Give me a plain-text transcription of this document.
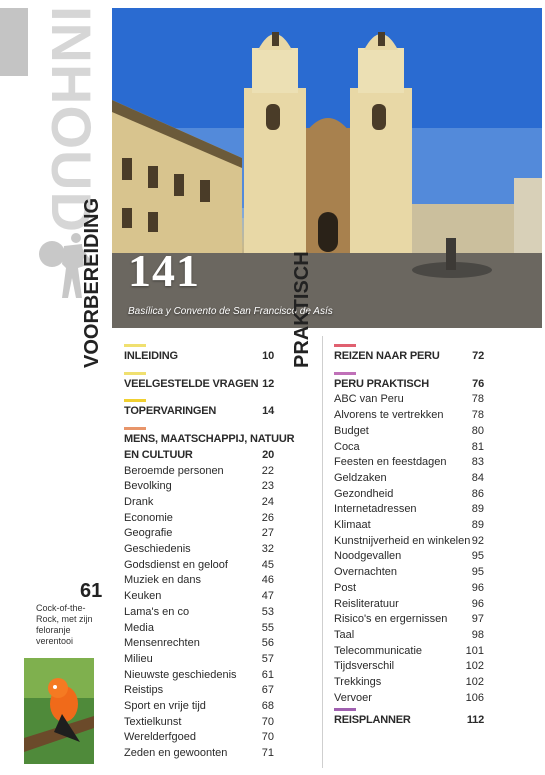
INHOUD
141
Basílica y Convento de San Francisco de Asís
VOORBEREIDING	PRAKTISCH
61
Cock-of-the-Rock, met zijn feloranje verentooi
INLEIDING	10
VEELGESTELDE VRAGEN 12
TOPERVARINGEN	14
MENS, MAATSCHAPPIJ, NATUUR
EN CULTUUR	20
Beroemde personen	22
Bevolking	23
Drank	24
Economie	26
Geografie	27
Geschiedenis	32
Godsdienst en geloof	45
Muziek en dans	46
Keuken	47
Lama's en co	53
Media	55
Mensenrechten	56
Milieu	57
Nieuwste geschiedenis 61
Reistips	67
Sport en vrije tijd	68
Textielkunst	70
Werelderfgoed	70
Zeden en gewoonten	71
REIZEN NAAR PERU	72
PERU PRAKTISCH	76
ABC van Peru	78
Alvorens te vertrekken	78
Budget	80
Coca	81
Feesten en feestdagen 83
Geldzaken	84
Gezondheid	86
Internetadressen	89
Klimaat	89
Kunstnijverheid en winkelen 92
Noodgevallen	95
Overnachten	95
Post	96
Reisliteratuur	96
Risico's en ergernissen 97
Taal	98
Telecommunicatie	101
Tijdsverschil	102
Trekkings	102
Vervoer	106
REISPLANNER	112
